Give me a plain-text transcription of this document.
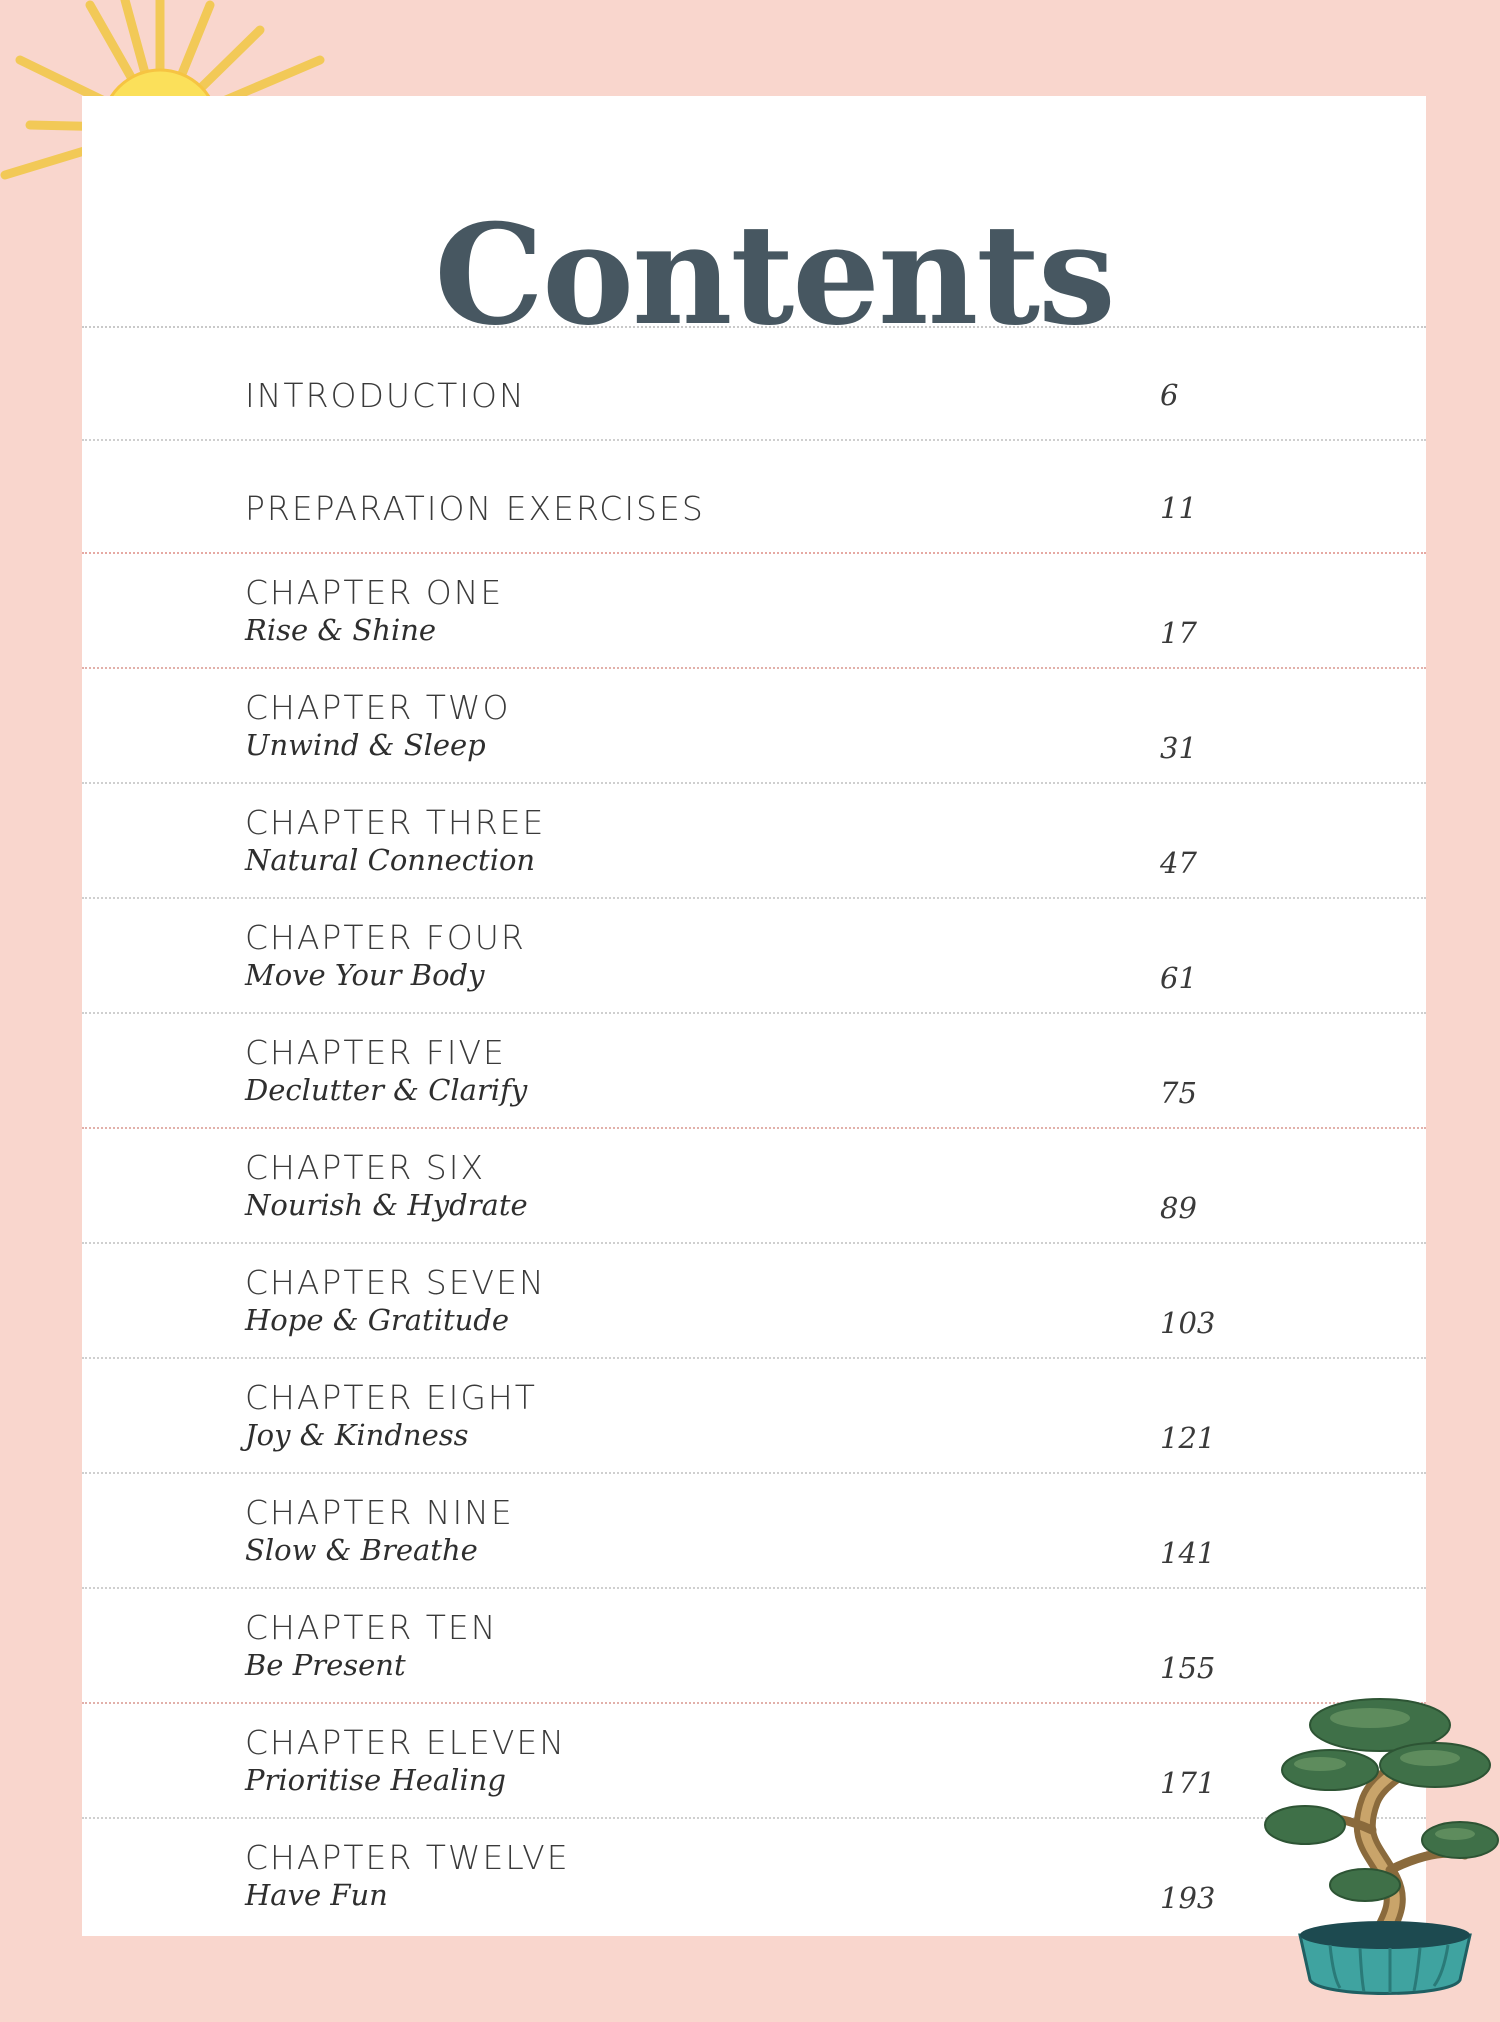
Contents
INTRODUCTION	6
PREPARATION EXERCISES	11
CHAPTER ONE
Rise & Shine	17
CHAPTER TWO
Unwind & Sleep	31
CHAPTER THREE
Natural Connection	47
CHAPTER FOUR
Move Your Body	61
CHAPTER FIVE
Declutter & Clarify	75
CHAPTER SIX
Nourish & Hydrate	89
CHAPTER SEVEN
Hope & Gratitude	103
CHAPTER EIGHT
Joy & Kindness	121
CHAPTER NINE
Slow & Breathe	141
CHAPTER TEN
Be Present	155
CHAPTER ELEVEN
Prioritise Healing	171
CHAPTER TWELVE
Have Fun	193
